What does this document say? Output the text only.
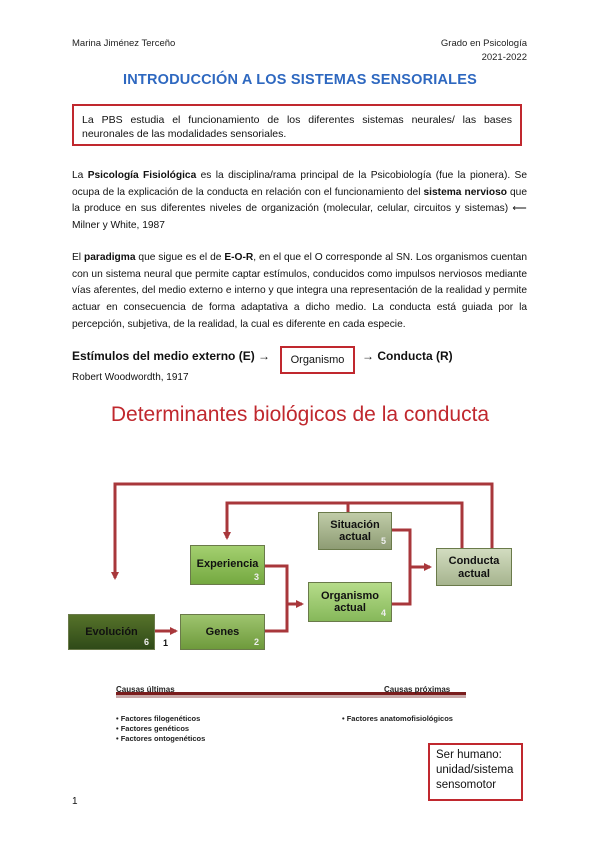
Marina Jiménez Terceño	Grado en Psicología
2021-2022
INTRODUCCIÓN A LOS SISTEMAS SENSORIALES
La PBS estudia el funcionamiento de los diferentes sistemas neurales/ las bases neuronales de las modalidades sensoriales.
La Psicología Fisiológica es la disciplina/rama principal de la Psicobiología (fue la pionera). Se ocupa de la explicación de la conducta en relación con el funcionamiento del sistema nervioso que la produce en sus diferentes niveles de organización (molecular, celular, circuitos y sistemas) ⟵ Milner y White, 1987
El paradigma que sigue es el de E-O-R, en el que el O corresponde al SN. Los organismos cuentan con un sistema neural que permite captar estímulos, conducidos como impulsos nerviosos mediante vías aferentes, del medio externo e interno y que integra una representación de la realidad y permite actuar en consecuencia de forma adaptativa a dicho medio. La conducta está guiada por la percepción, subjetiva, de la realidad, la cual es diferente en cada especie.
Estímulos del medio externo (E) →	Organismo	→ Conducta (R)
Robert Woodwordth, 1917
Determinantes biológicos de la conducta
Evolución
6 1
Genes
2
Experiencia
3
Organismo actual	4
Situación actual	5
Conducta actual
Causas últimas	Causas próximas
• Factores filogenéticos
• Factores genéticos
• Factores ontogenéticos
• Factores anatomofisiológicos
Ser humano: unidad/sistema sensomotor
1
